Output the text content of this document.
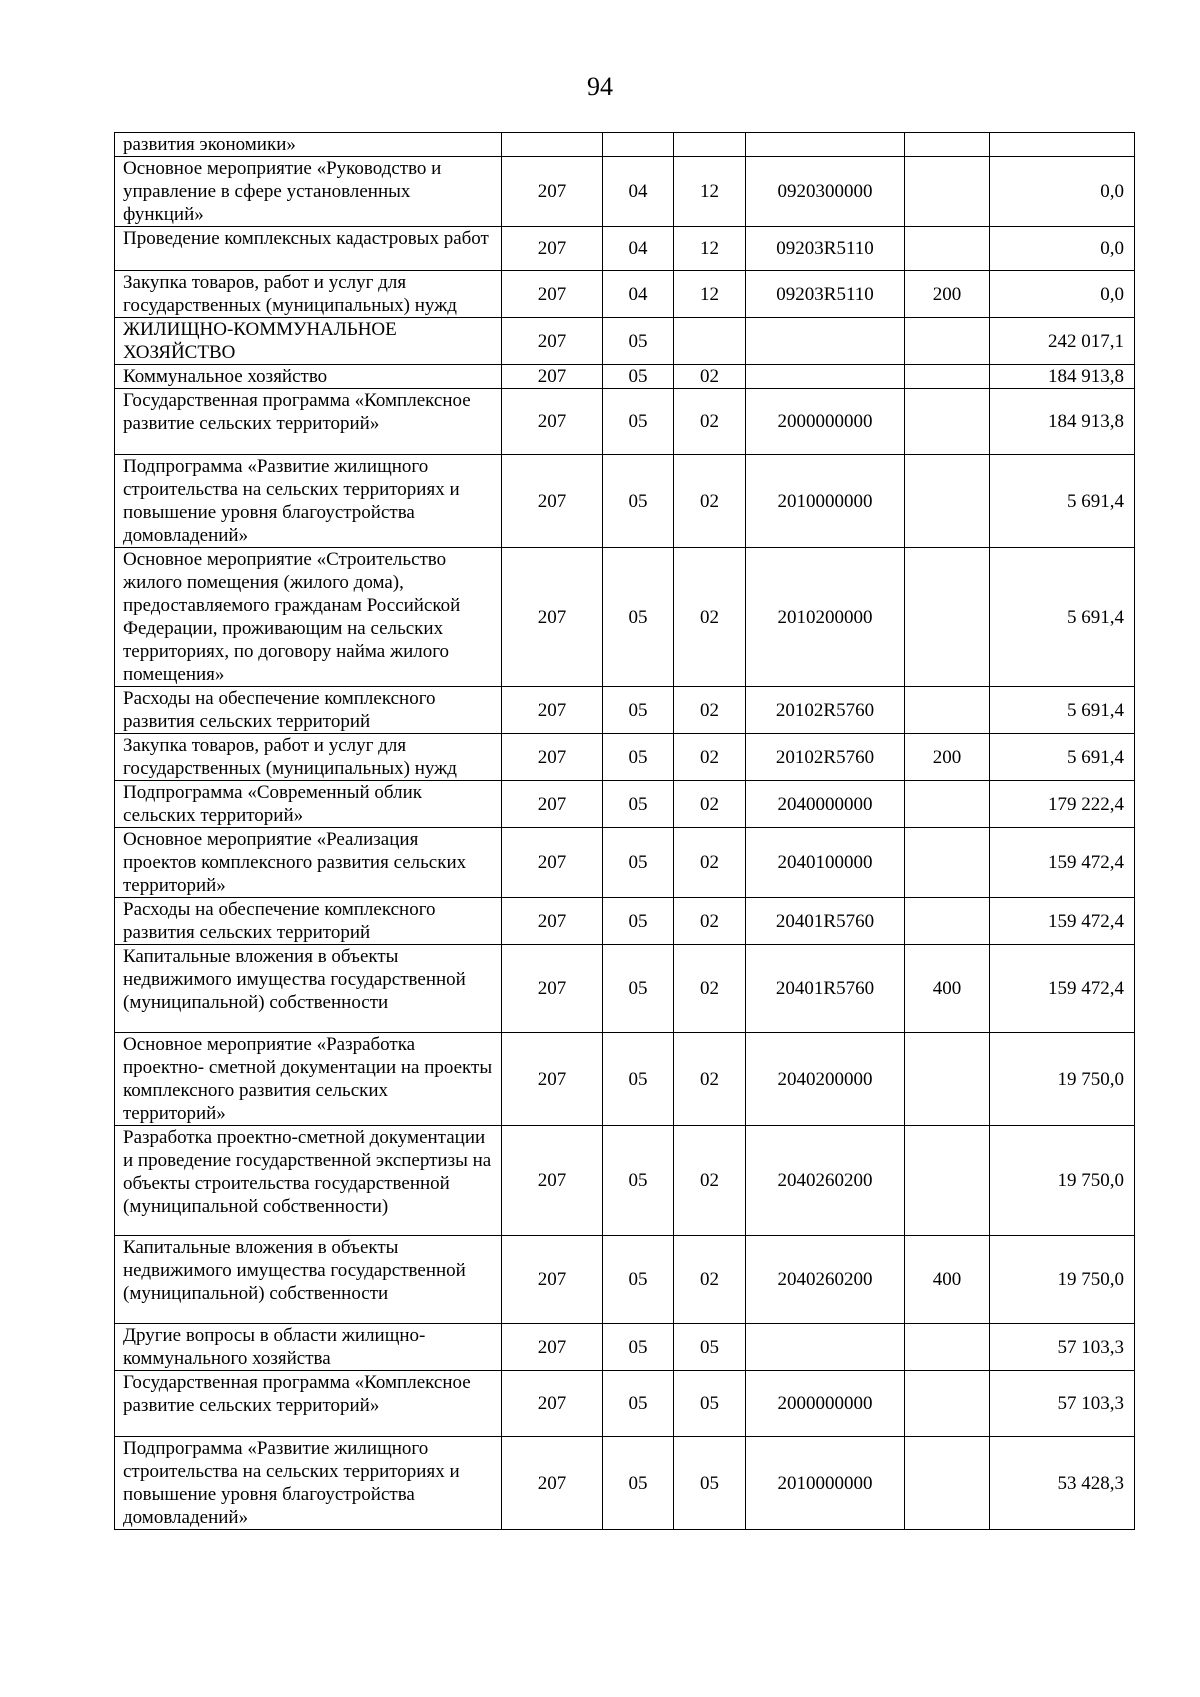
94
развития экономики»						
Основное мероприятие «Руководство и управление в сфере установленных функций»	207	04	12	0920300000		0,0
Проведение комплексных кадастровых работ	207	04	12	09203R5110		0,0
Закупка товаров, работ и услуг для государственных (муниципальных) нужд	207	04	12	09203R5110	200	0,0
ЖИЛИЩНО-КОММУНАЛЬНОЕ ХОЗЯЙСТВО	207	05				242 017,1
Коммунальное хозяйство	207	05	02			184 913,8
Государственная программа «Комплексное развитие сельских территорий»	207	05	02	2000000000		184 913,8
Подпрограмма «Развитие жилищного строительства на сельских территориях и повышение уровня благоустройства домовладений»	207	05	02	2010000000		5 691,4
Основное мероприятие «Строительство жилого помещения (жилого дома), предоставляемого гражданам Российской Федерации, проживающим на сельских территориях, по договору найма жилого помещения»	207	05	02	2010200000		5 691,4
Расходы на обеспечение комплексного развития сельских территорий	207	05	02	20102R5760		5 691,4
Закупка товаров, работ и услуг для государственных (муниципальных) нужд	207	05	02	20102R5760	200	5 691,4
Подпрограмма «Современный облик сельских территорий»	207	05	02	2040000000		179 222,4
Основное мероприятие «Реализация проектов комплексного развития сельских территорий»	207	05	02	2040100000		159 472,4
Расходы на обеспечение комплексного развития сельских территорий	207	05	02	20401R5760		159 472,4
Капитальные вложения в объекты недвижимого имущества государственной (муниципальной) собственности	207	05	02	20401R5760	400	159 472,4
Основное мероприятие «Разработка проектно- сметной документации на проекты комплексного развития сельских территорий»	207	05	02	2040200000		19 750,0
Разработка проектно-сметной документации и проведение государственной экспертизы на объекты строительства государственной (муниципальной собственности)	207	05	02	2040260200		19 750,0
Капитальные вложения в объекты недвижимого имущества государственной (муниципальной) собственности	207	05	02	2040260200	400	19 750,0
Другие вопросы в области жилищно-коммунального хозяйства	207	05	05			57 103,3
Государственная программа «Комплексное развитие сельских территорий»	207	05	05	2000000000		57 103,3
Подпрограмма «Развитие жилищного строительства на сельских территориях и повышение уровня благоустройства домовладений»	207	05	05	2010000000		53 428,3
